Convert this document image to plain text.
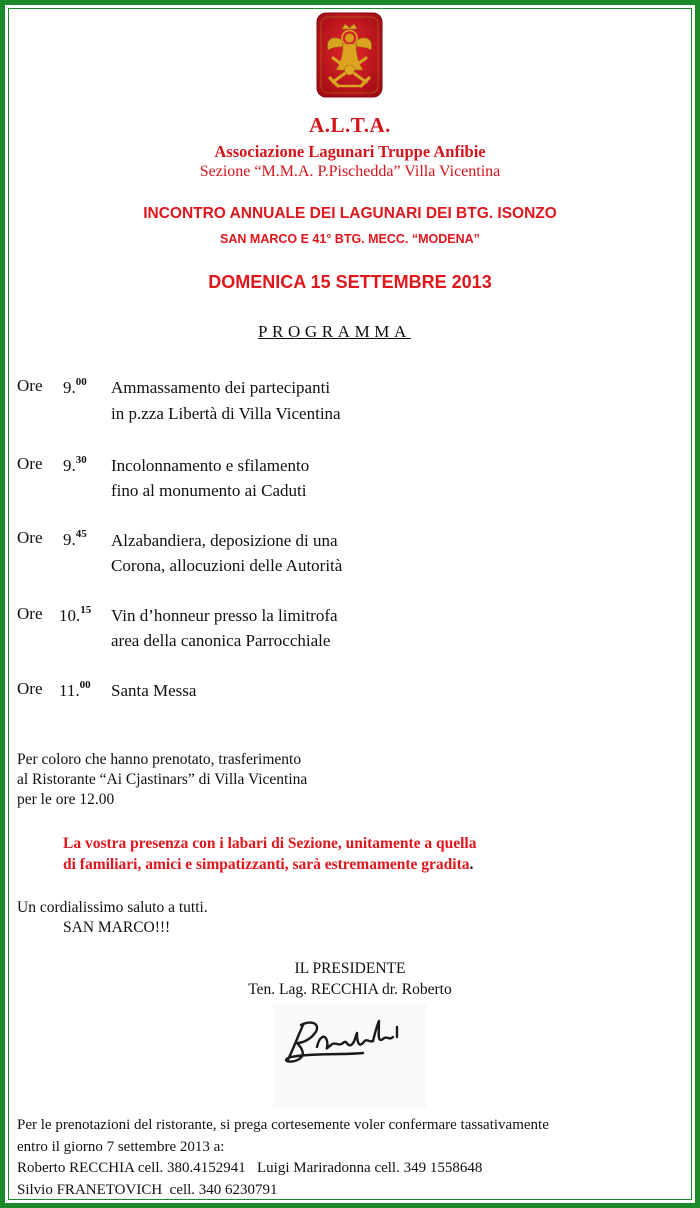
A.L.T.A.
Associazione Lagunari Truppe Anfibie
Sezione “M.M.A. P.Pischedda” Villa Vicentina
INCONTRO ANNUALE DEI LAGUNARI DEI BTG. ISONZO
SAN MARCO E 41° BTG. MECC. “MODENA”
DOMENICA 15 SETTEMBRE 2013
PROGRAMMA
Ore 9.00 Ammassamento dei partecipanti
in p.zza Libertà di Villa Vicentina
Ore 9.30 Incolonnamento e sfilamento
fino al monumento ai Caduti
Ore 9.45 Alzabandiera, deposizione di una
Corona, allocuzioni delle Autorità
Ore 10.15 Vin d’honneur presso la limitrofa
area della canonica Parrocchiale
Ore 11.00 Santa Messa
Per coloro che hanno prenotato, trasferimento
al Ristorante “Ai Cjastinars” di Villa Vicentina
per le ore 12.00
La vostra presenza con i labari di Sezione, unitamente a quella
di familiari, amici e simpatizzanti, sarà estremamente gradita.
Un cordialissimo saluto a tutti.
SAN MARCO!!!
IL PRESIDENTE
Ten. Lag. RECCHIA dr. Roberto
Per le prenotazioni del ristorante, si prega cortesemente voler confermare tassativamente
entro il giorno 7 settembre 2013 a:
Roberto RECCHIA cell. 380.4152941   Luigi Mariradonna cell. 349 1558648
Silvio FRANETOVICH  cell. 340 6230791
